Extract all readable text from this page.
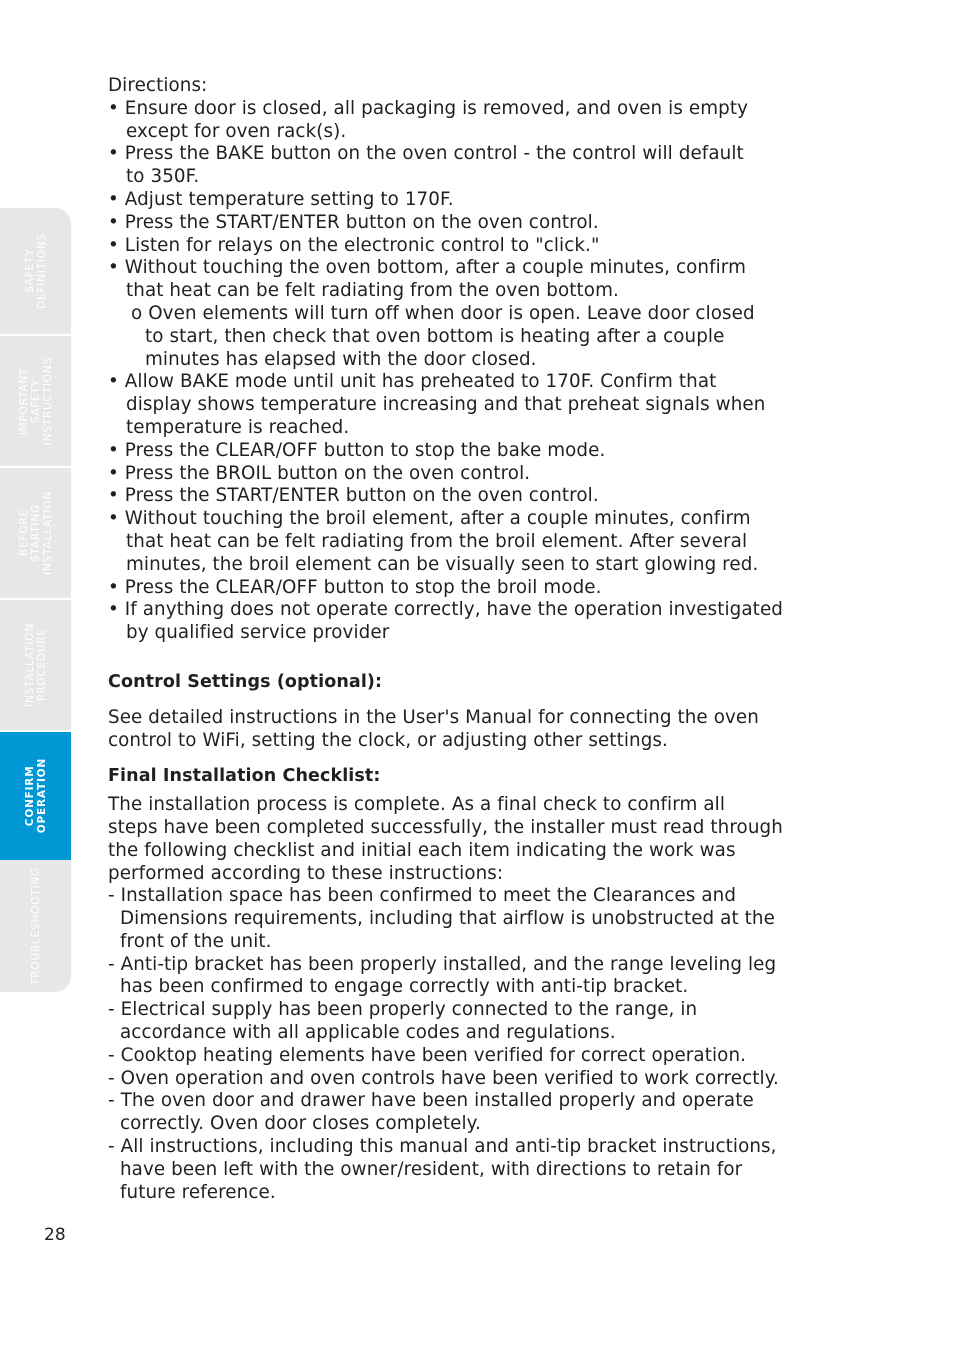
SAFETY
DEFINITIONS
IMPORTANT
SAFETY
INSTRUCTIONS
BEFORE
STARTING
INSTALLATION
INSTALLATION
PROCEDURE
CONFIRM
OPERATION
TROUBLESHOOTING
Directions:
• Ensure door is closed, all packaging is removed, and oven is empty
except for oven rack(s).
• Press the BAKE button on the oven control - the control will default
to 350F.
• Adjust temperature setting to 170F.
• Press the START/ENTER button on the oven control.
• Listen for relays on the electronic control to "click."
• Without touching the oven bottom, after a couple minutes, confirm
that heat can be felt radiating from the oven bottom.
o Oven elements will turn off when door is open. Leave door closed
to start, then check that oven bottom is heating after a couple
minutes has elapsed with the door closed.
• Allow BAKE mode until unit has preheated to 170F. Confirm that
display shows temperature increasing and that preheat signals when
temperature is reached.
• Press the CLEAR/OFF button to stop the bake mode.
• Press the BROIL button on the oven control.
• Press the START/ENTER button on the oven control.
• Without touching the broil element, after a couple minutes, confirm
that heat can be felt radiating from the broil element. After several
minutes, the broil element can be visually seen to start glowing red.
• Press the CLEAR/OFF button to stop the broil mode.
• If anything does not operate correctly, have the operation investigated
by qualified service provider
Control Settings (optional):
See detailed instructions in the User's Manual for connecting the oven
control to WiFi, setting the clock, or adjusting other settings.
Final Installation Checklist:
The installation process is complete. As a final check to confirm all
steps have been completed successfully, the installer must read through
the following checklist and initial each item indicating the work was
performed according to these instructions:
- Installation space has been confirmed to meet the Clearances and
Dimensions requirements, including that airflow is unobstructed at the
front of the unit.
- Anti-tip bracket has been properly installed, and the range leveling leg
has been confirmed to engage correctly with anti-tip bracket.
- Electrical supply has been properly connected to the range, in
accordance with all applicable codes and regulations.
- Cooktop heating elements have been verified for correct operation.
- Oven operation and oven controls have been verified to work correctly.
- The oven door and drawer have been installed properly and operate
correctly. Oven door closes completely.
- All instructions, including this manual and anti-tip bracket instructions,
have been left with the owner/resident, with directions to retain for
future reference.
28
